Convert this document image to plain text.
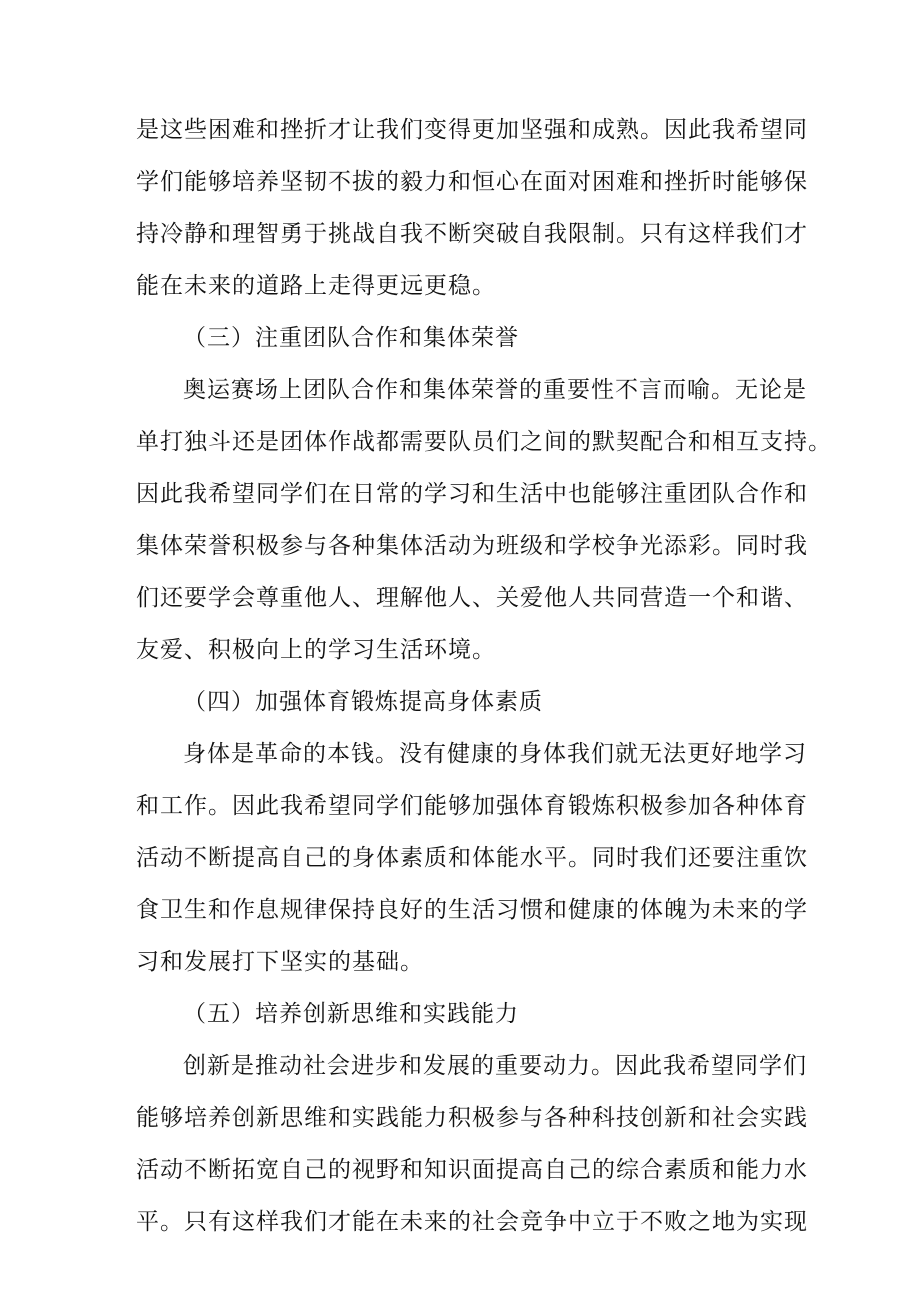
是这些困难和挫折才让我们变得更加坚强和成熟。因此我希望同
学们能够培养坚韧不拔的毅力和恒心在面对困难和挫折时能够保
持冷静和理智勇于挑战自我不断突破自我限制。只有这样我们才
能在未来的道路上走得更远更稳。
（三）注重团队合作和集体荣誉
奥运赛场上团队合作和集体荣誉的重要性不言而喻。无论是
单打独斗还是团体作战都需要队员们之间的默契配合和相互支持。
因此我希望同学们在日常的学习和生活中也能够注重团队合作和
集体荣誉积极参与各种集体活动为班级和学校争光添彩。同时我
们还要学会尊重他人、理解他人、关爱他人共同营造一个和谐、
友爱、积极向上的学习生活环境。
（四）加强体育锻炼提高身体素质
身体是革命的本钱。没有健康的身体我们就无法更好地学习
和工作。因此我希望同学们能够加强体育锻炼积极参加各种体育
活动不断提高自己的身体素质和体能水平。同时我们还要注重饮
食卫生和作息规律保持良好的生活习惯和健康的体魄为未来的学
习和发展打下坚实的基础。
（五）培养创新思维和实践能力
创新是推动社会进步和发展的重要动力。因此我希望同学们
能够培养创新思维和实践能力积极参与各种科技创新和社会实践
活动不断拓宽自己的视野和知识面提高自己的综合素质和能力水
平。只有这样我们才能在未来的社会竞争中立于不败之地为实现
